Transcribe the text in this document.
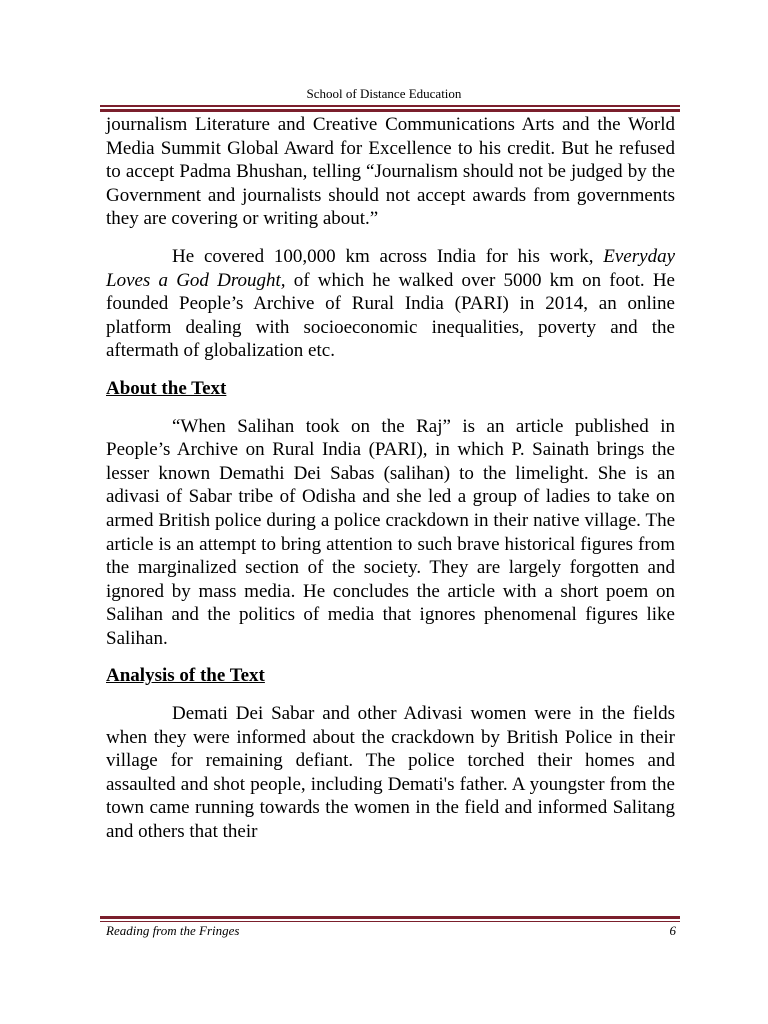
School of Distance Education

journalism Literature and Creative Communications Arts and the World Media Summit Global Award for Excellence to his credit. But he refused to accept Padma Bhushan, telling “Journalism should not be judged by the Government and journalists should not accept awards from governments they are covering or writing about.”

He covered 100,000 km across India for his work, Everyday Loves a God Drought, of which he walked over 5000 km on foot. He founded People’s Archive of Rural India (PARI) in 2014, an online platform dealing with socioeconomic inequalities, poverty and the aftermath of globalization etc.

About the Text

“When Salihan took on the Raj” is an article published in People’s Archive on Rural India (PARI), in which P. Sainath brings the lesser known Demathi Dei Sabas (salihan) to the limelight. She is an adivasi of Sabar tribe of Odisha and she led a group of ladies to take on armed British police during a police crackdown in their native village. The article is an attempt to bring attention to such brave historical figures from the marginalized section of the society. They are largely forgotten and ignored by mass media. He concludes the article with a short poem on Salihan and the politics of media that ignores phenomenal figures like Salihan.

Analysis of the Text

Demati Dei Sabar and other Adivasi women were in the fields when they were informed about the crackdown by British Police in their village for remaining defiant. The police torched their homes and assaulted and shot people, including Demati's father. A youngster from the town came running towards the women in the field and informed Salitang and others that their

Reading from the Fringes	6
